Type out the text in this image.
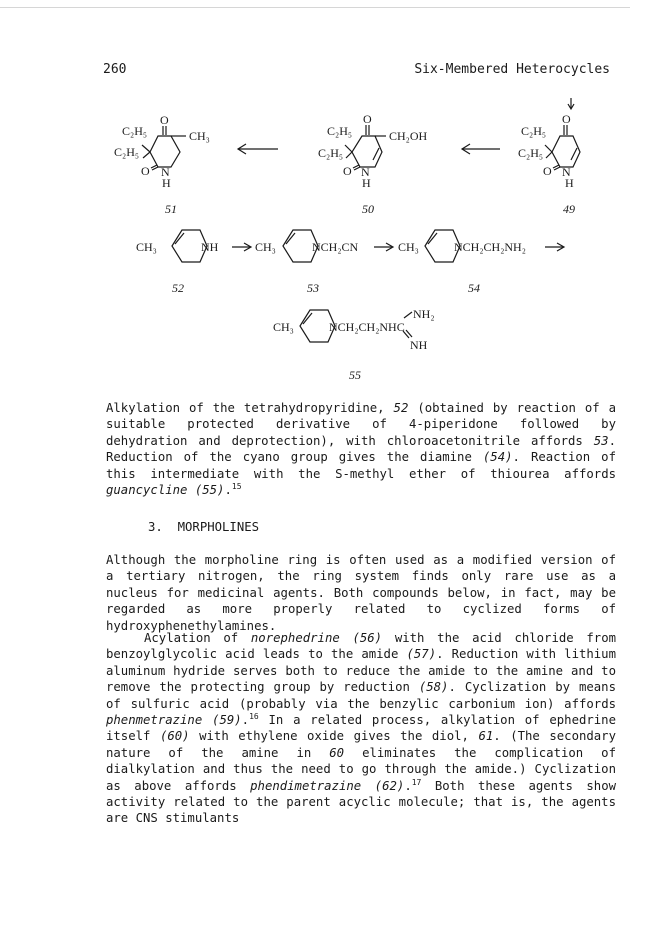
260	Six-Membered Heterocycles
C₂H₅
C₂H₅
O
CH₃
O N
H
C₂H₅
C₂H₅
O
CH₂OH
O N
H
C₂H₅
C₂H₅
O
O N
H
CH₃	NH	CH₃	NCH₂CN	CH₃	NCH₂CH₂NH₂
CH₃	NCH₂CH₂NHC
NH₂
NH
51	50	49
52	53	54
55

Alkylation of the tetrahydropyridine, 52 (obtained by reaction of a suitable protected derivative of 4-piperidone followed by dehydration and deprotection), with chloroacetonitrile affords 53. Reduction of the cyano group gives the diamine (54). Reaction of this intermediate with the S-methyl ether of thiourea affords guancycline (55).$^{15}$

3.  MORPHOLINES

Although the morpholine ring is often used as a modified version of a tertiary nitrogen, the ring system finds only rare use as a nucleus for medicinal agents. Both compounds below, in fact, may be regarded as more properly related to cyclized forms of hydroxyphenethylamines.

Acylation of norephedrine (56) with the acid chloride from benzoylglycolic acid leads to the amide (57). Reduction with lithium aluminum hydride serves both to reduce the amide to the amine and to remove the protecting group by reduction (58). Cyclization by means of sulfuric acid (probably via the benzylic carbonium ion) affords phenmetrazine (59).$^{16}$ In a related process, alkylation of ephedrine itself (60) with ethylene oxide gives the diol, 61. (The secondary nature of the amine in 60 eliminates the complication of dialkylation and thus the need to go through the amide.) Cyclization as above affords phendimetrazine (62).$^{17}$ Both these agents show activity related to the parent acyclic molecule; that is, the agents are CNS stimulants
